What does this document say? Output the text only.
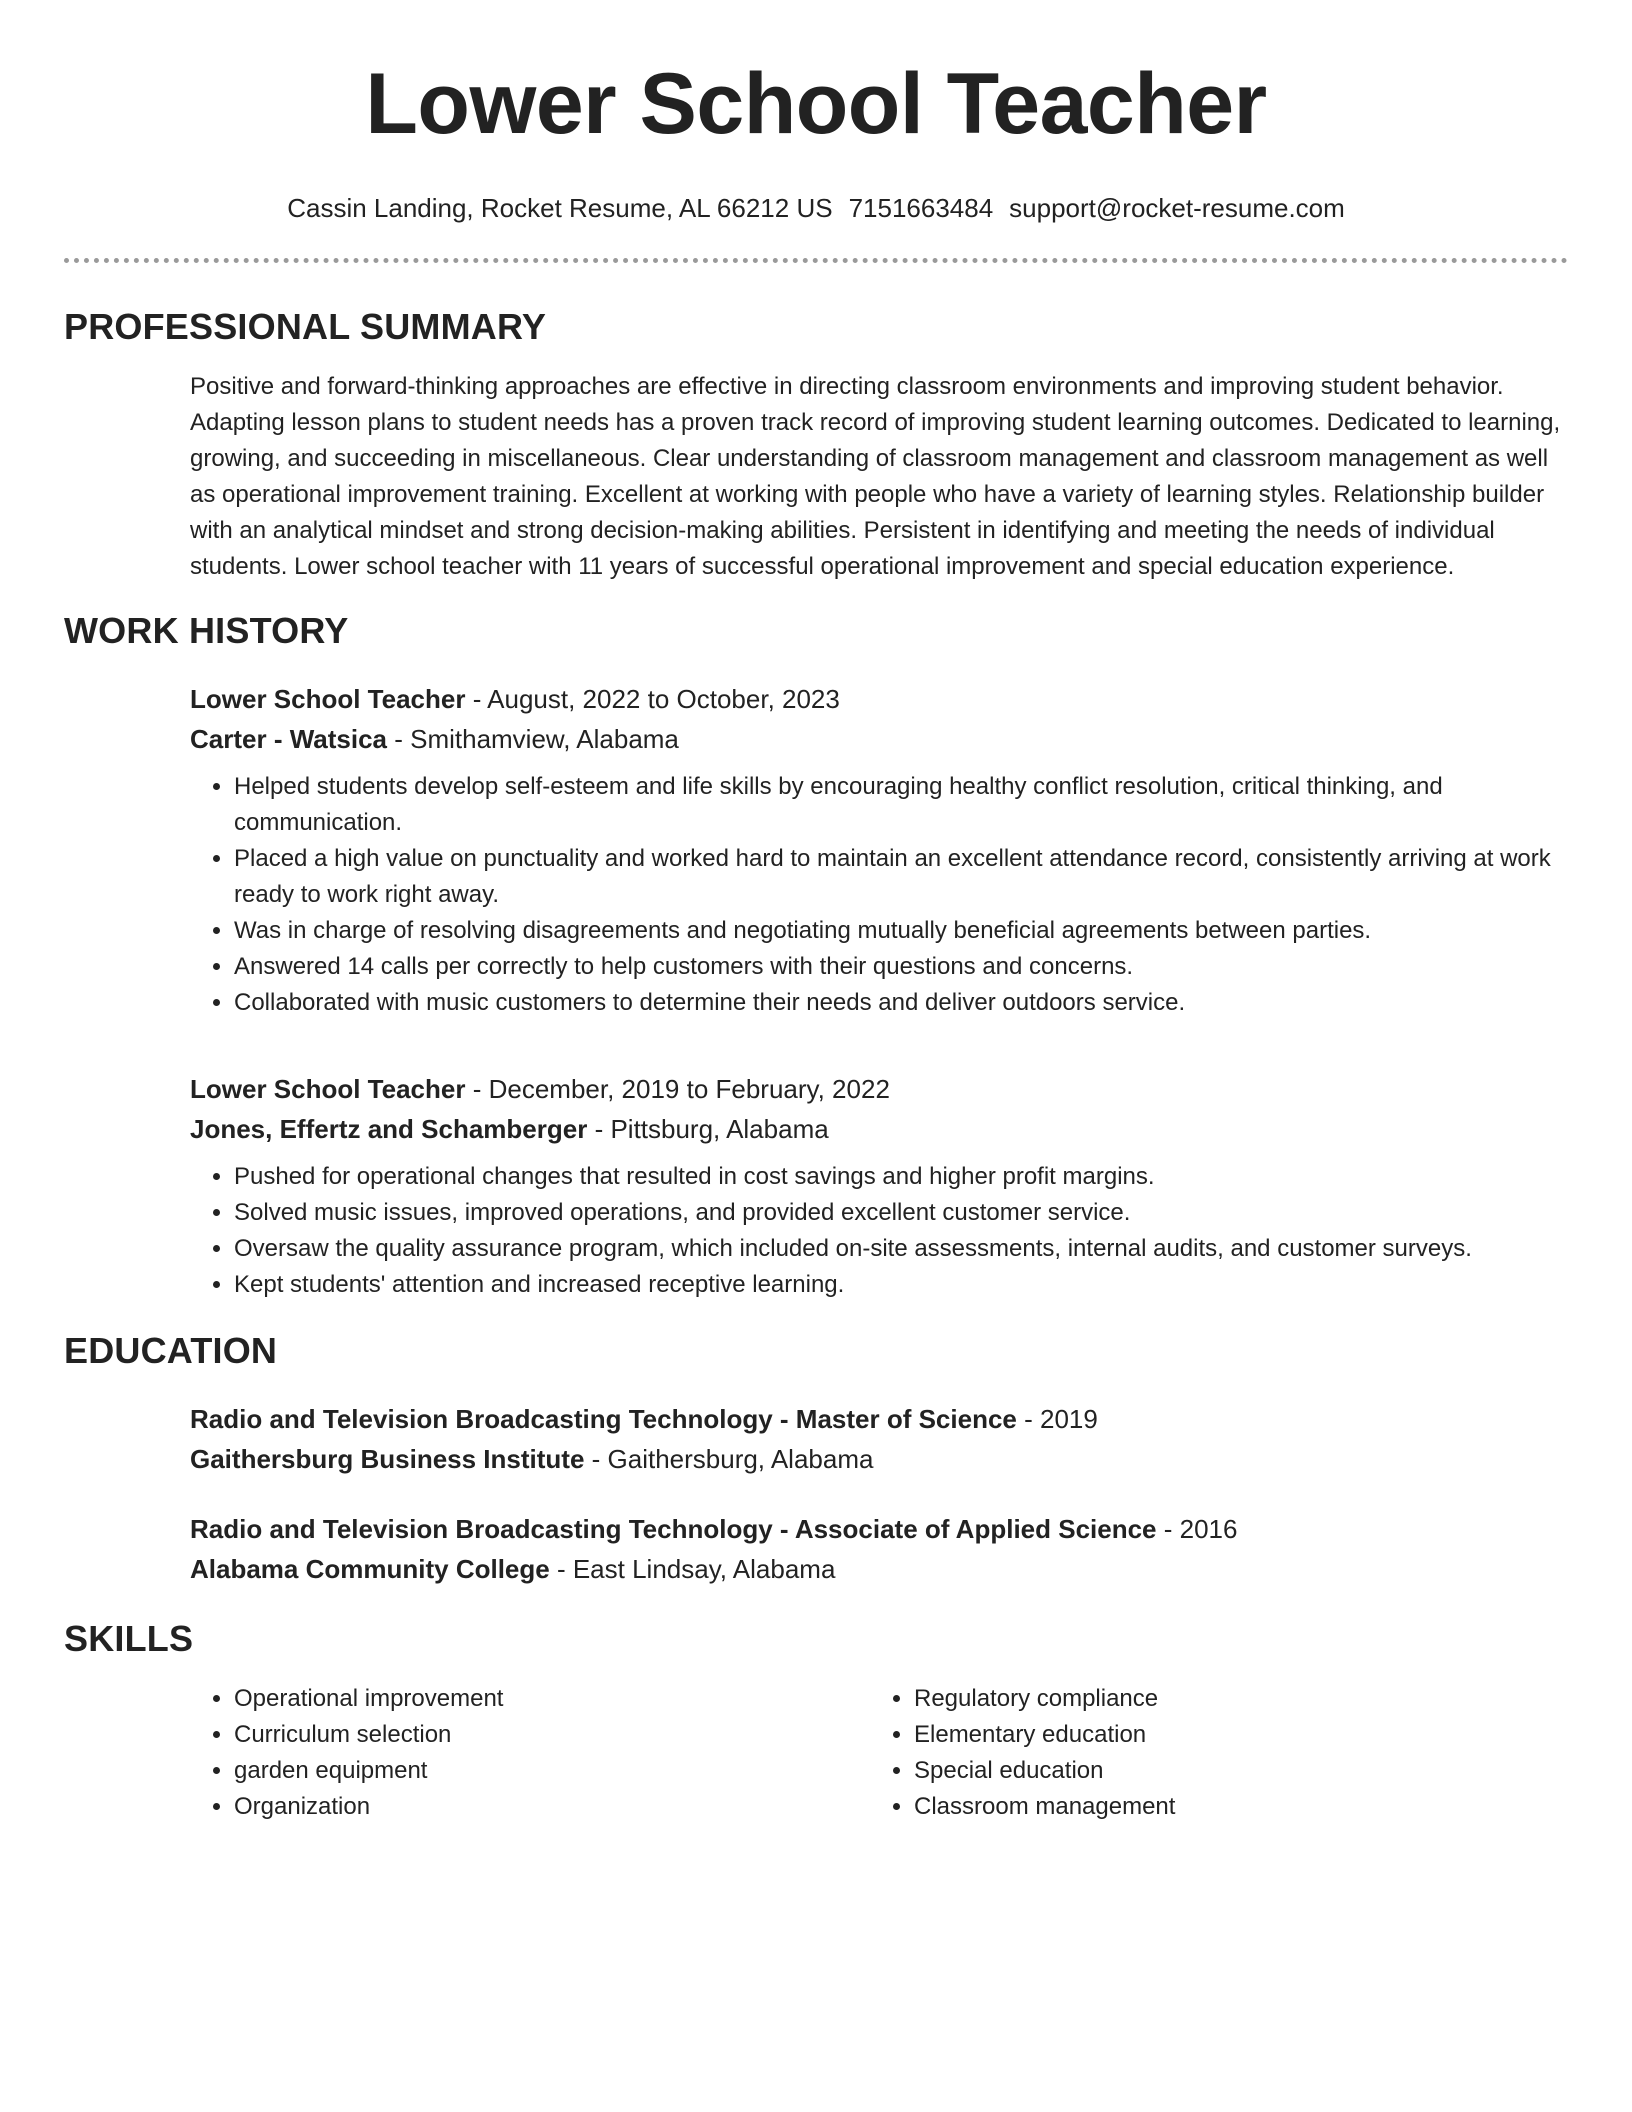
Lower School Teacher
Cassin Landing, Rocket Resume, AL 66212 US 7151663484 support@rocket-resume.com
PROFESSIONAL SUMMARY

Positive and forward-thinking approaches are effective in directing classroom environments and improving student behavior. Adapting lesson plans to student needs has a proven track record of improving student learning outcomes. Dedicated to learning, growing, and succeeding in miscellaneous. Clear understanding of classroom management and classroom management as well as operational improvement training. Excellent at working with people who have a variety of learning styles. Relationship builder with an analytical mindset and strong decision-making abilities. Persistent in identifying and meeting the needs of individual students. Lower school teacher with 11 years of successful operational improvement and special education experience.

WORK HISTORY
Lower School Teacher - August, 2022 to October, 2023
Carter - Watsica - Smithamview, Alabama
• Helped students develop self-esteem and life skills by encouraging healthy conflict resolution, critical thinking, and communication.
• Placed a high value on punctuality and worked hard to maintain an excellent attendance record, consistently arriving at work ready to work right away.
• Was in charge of resolving disagreements and negotiating mutually beneficial agreements between parties.
• Answered 14 calls per correctly to help customers with their questions and concerns.
• Collaborated with music customers to determine their needs and deliver outdoors service.
Lower School Teacher - December, 2019 to February, 2022
Jones, Effertz and Schamberger - Pittsburg, Alabama
• Pushed for operational changes that resulted in cost savings and higher profit margins.
• Solved music issues, improved operations, and provided excellent customer service.
• Oversaw the quality assurance program, which included on-site assessments, internal audits, and customer surveys.
• Kept students' attention and increased receptive learning.
EDUCATION
Radio and Television Broadcasting Technology - Master of Science - 2019
Gaithersburg Business Institute - Gaithersburg, Alabama
Radio and Television Broadcasting Technology - Associate of Applied Science - 2016
Alabama Community College - East Lindsay, Alabama
SKILLS
• Operational improvement
• Curriculum selection
• garden equipment
• Organization
• Regulatory compliance
• Elementary education
• Special education
• Classroom management
